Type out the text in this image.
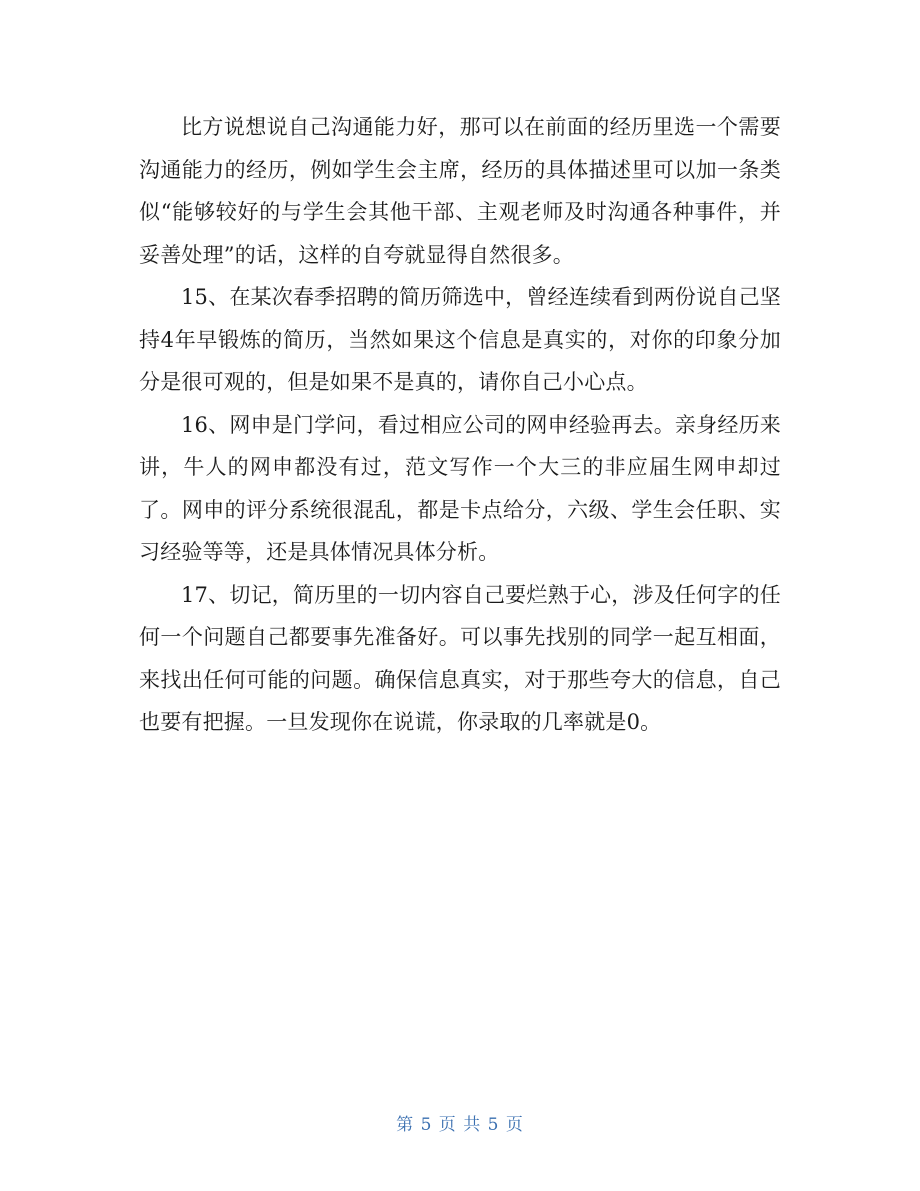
比方说想说自己沟通能力好，那可以在前面的经历里选一个需要沟通能力的经历，例如学生会主席，经历的具体描述里可以加一条类似“能够较好的与学生会其他干部、主观老师及时沟通各种事件，并妥善处理”的话，这样的自夸就显得自然很多。

15、在某次春季招聘的简历筛选中，曾经连续看到两份说自己坚持4年早锻炼的简历，当然如果这个信息是真实的，对你的印象分加分是很可观的，但是如果不是真的，请你自己小心点。

16、网申是门学问，看过相应公司的网申经验再去。亲身经历来讲，牛人的网申都没有过，范文写作一个大三的非应届生网申却过了。网申的评分系统很混乱，都是卡点给分，六级、学生会任职、实习经验等等，还是具体情况具体分析。

17、切记，简历里的一切内容自己要烂熟于心，涉及任何字的任何一个问题自己都要事先准备好。可以事先找别的同学一起互相面，来找出任何可能的问题。确保信息真实，对于那些夸大的信息，自己也要有把握。一旦发现你在说谎，你录取的几率就是0。

第 5 页 共 5 页
